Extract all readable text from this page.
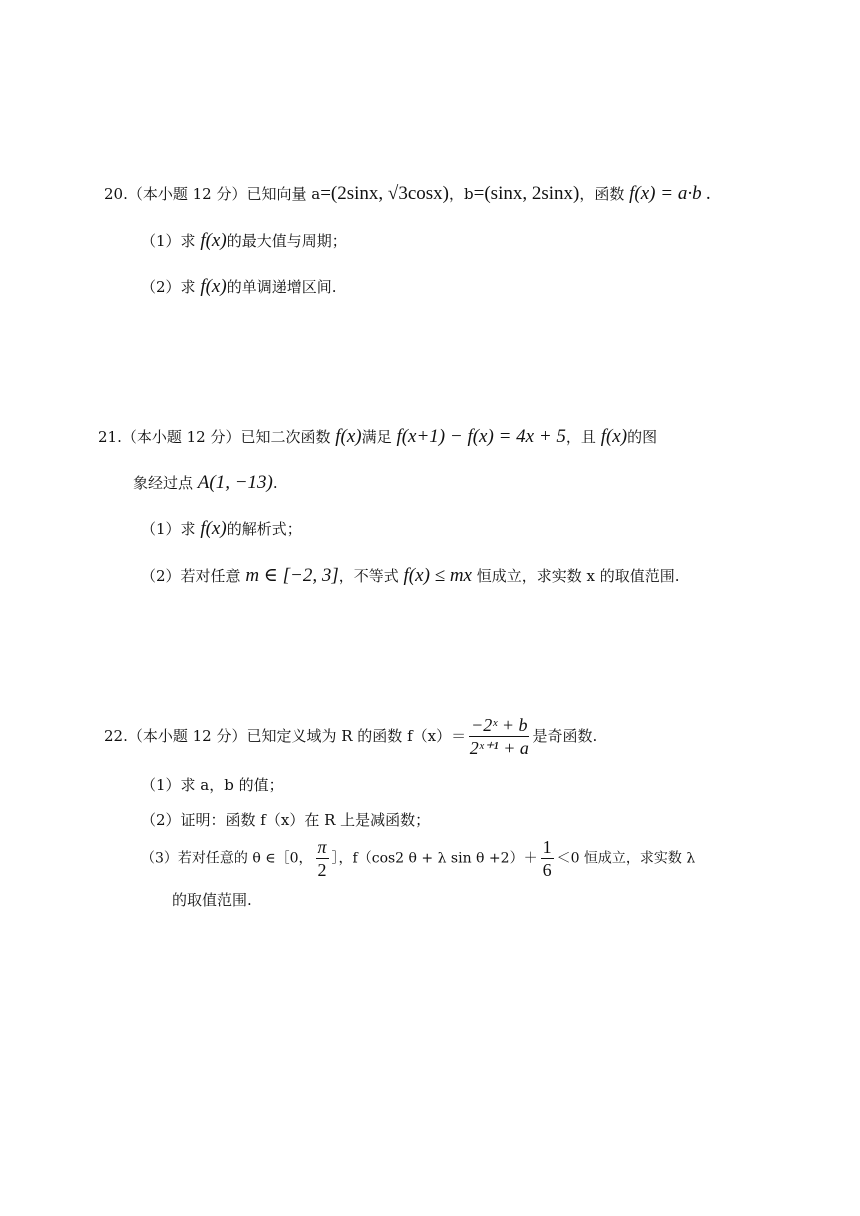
20.（本小题 12 分）已知向量 a=(2sinx, √3cosx)，b=(sinx, 2sinx)，函数 f(x) = a·b .
（1）求 f(x)的最大值与周期；
（2）求 f(x)的单调递增区间.
21.（本小题 12 分）已知二次函数 f(x)满足 f(x+1) − f(x) = 4x + 5，且 f(x)的图
象经过点 A(1, −13).
（1）求 f(x)的解析式；
（2）若对任意 m ∈ [−2, 3]，不等式 f(x) ≤ mx 恒成立，求实数 x 的取值范围.
22.（本小题 12 分）已知定义域为 R 的函数 $f(x)= \frac{\text{−2ˣ + b}}{\text{2ˣ⁺¹ + a}}$ 是奇函数.
（1）求 a，b 的值；
（2）证明：函数 f（x）在 R 上是减函数；
（3）若对任意的 θ ∈［0， $\frac{\pi}{2}$ ］，f（cos2 θ + λ $\sin \theta +2)+ \frac{1}{6} <0$ 恒成立，求实数 λ
的取值范围.
